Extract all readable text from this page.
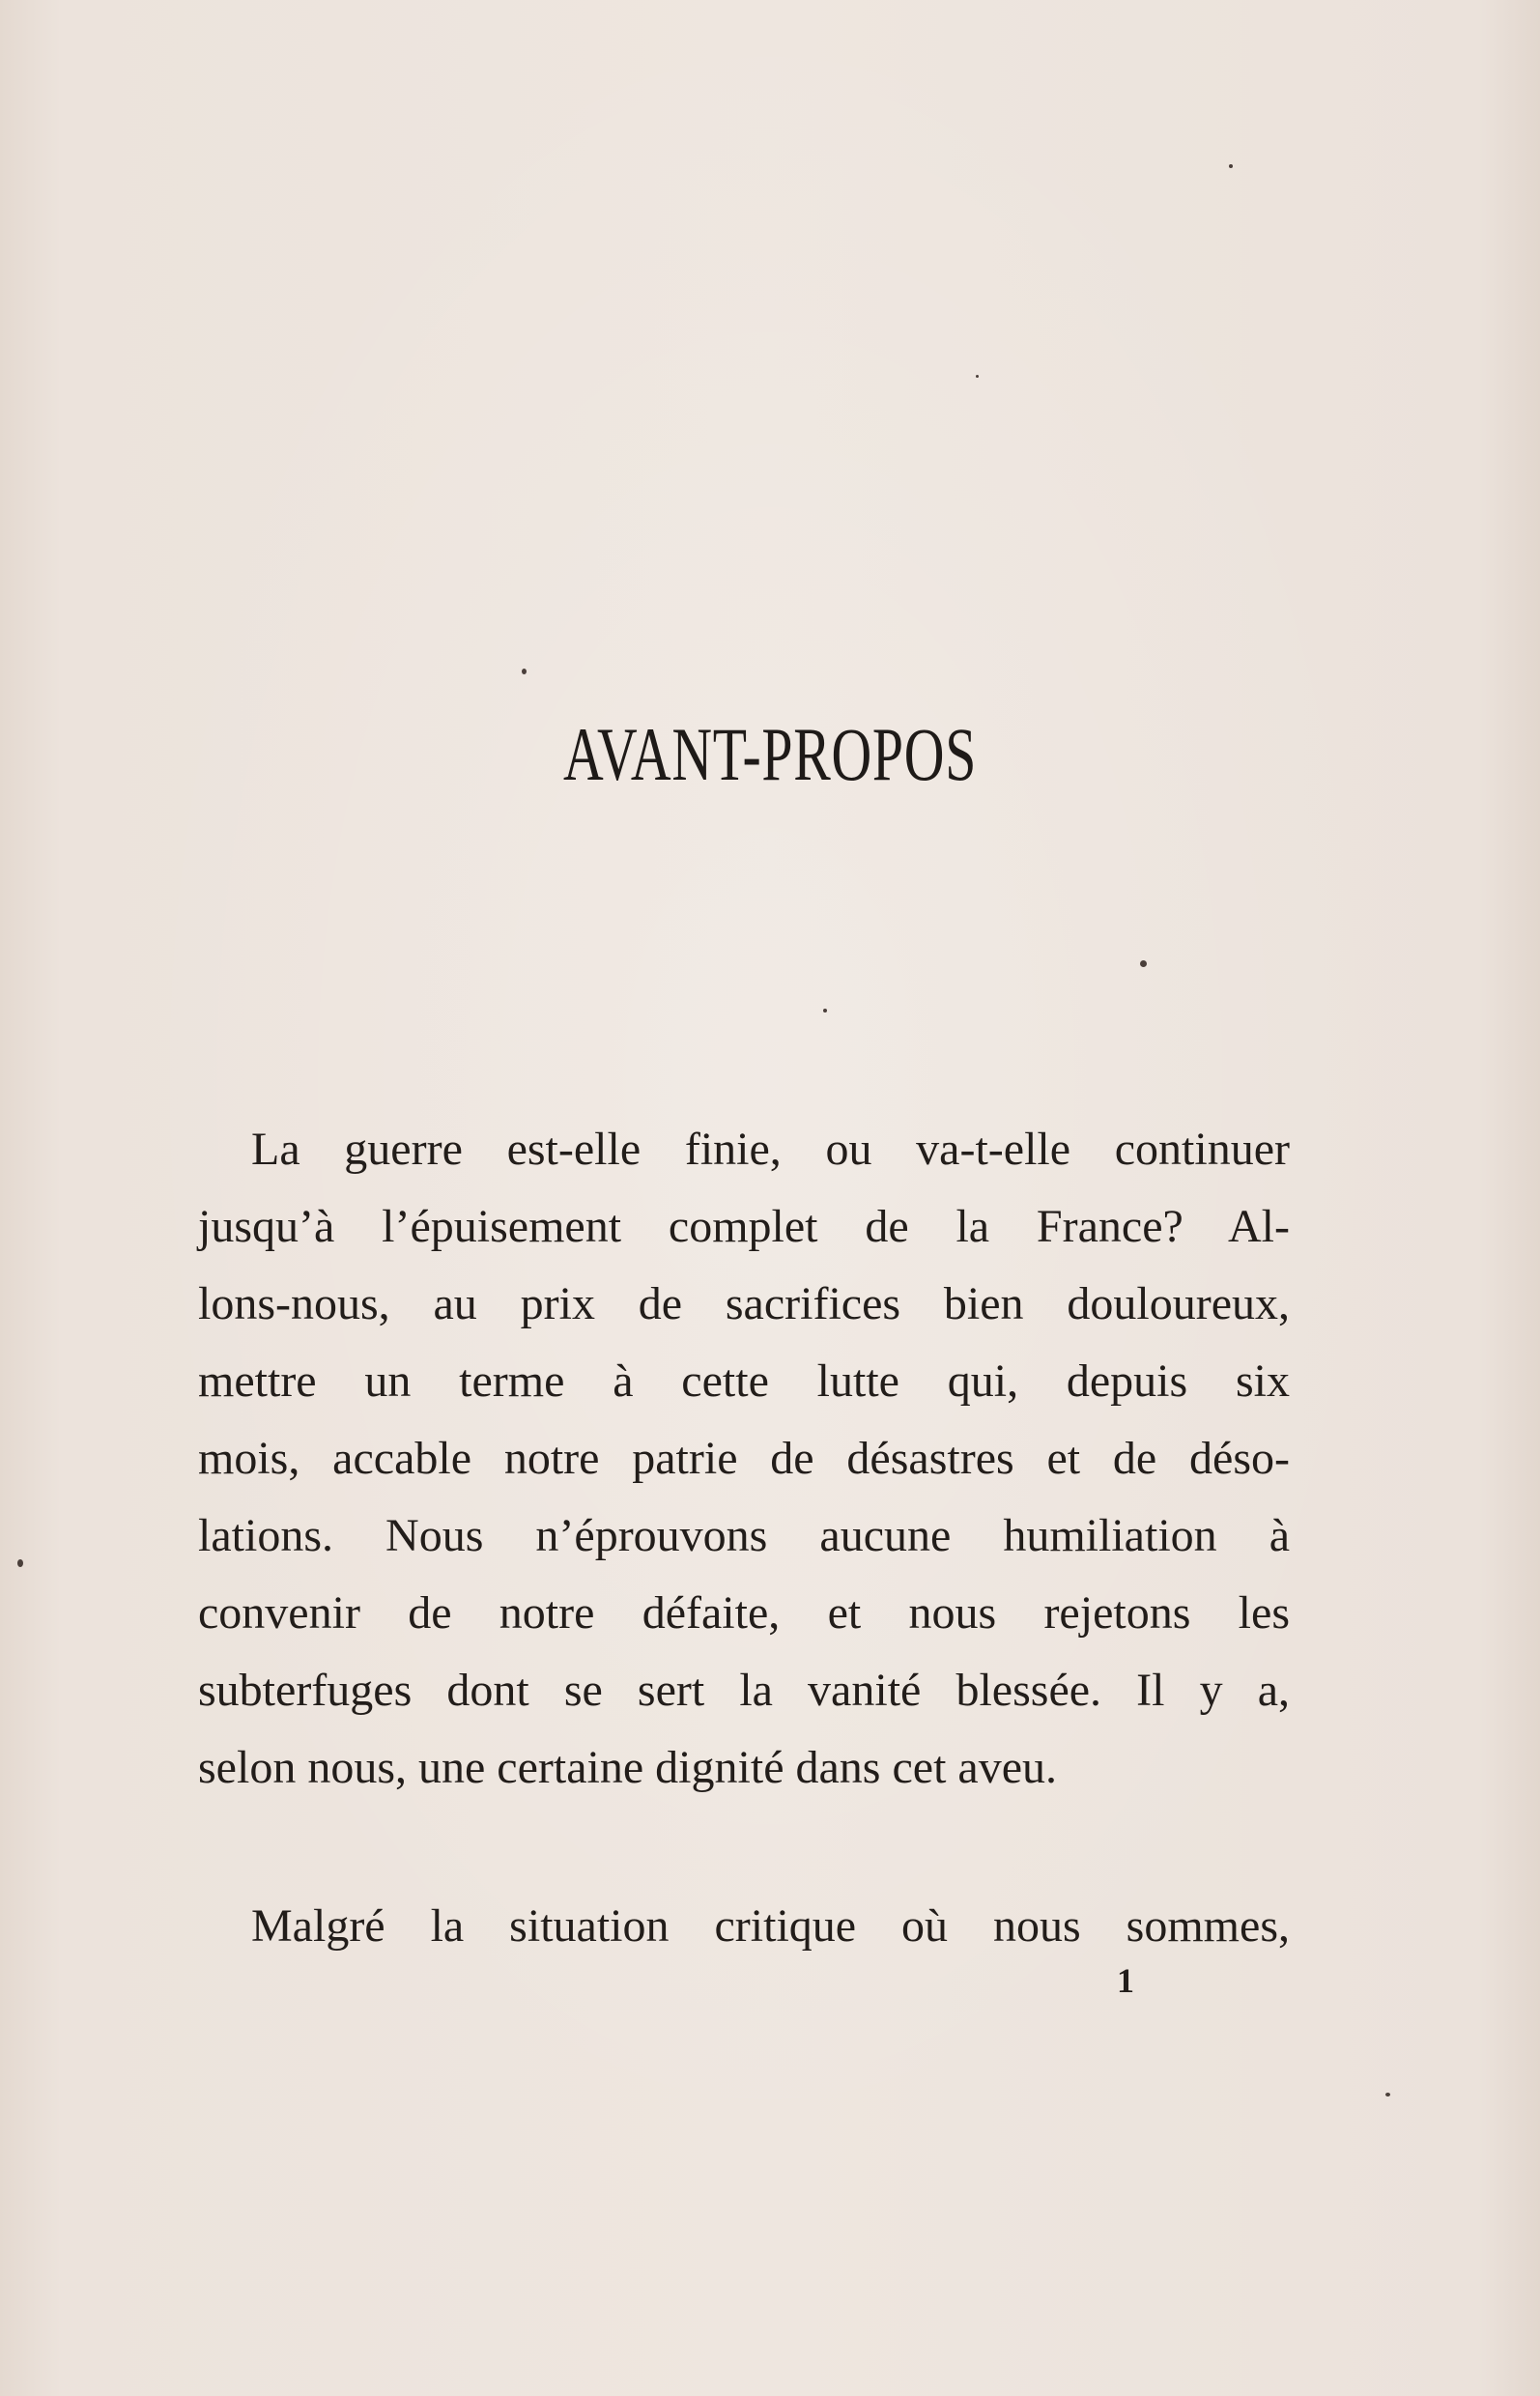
AVANT-PROPOS
La guerre est-elle finie, ou va-t-elle continuer
jusqu’à l’épuisement complet de la France? Al-
lons-nous, au prix de sacrifices bien douloureux,
mettre un terme à cette lutte qui, depuis six
mois, accable notre patrie de désastres et de déso-
lations. Nous n’éprouvons aucune humiliation à
convenir de notre défaite, et nous rejetons les
subterfuges dont se sert la vanité blessée. Il y a,
selon nous, une certaine dignité dans cet aveu.
Malgré la situation critique où nous sommes,
1
